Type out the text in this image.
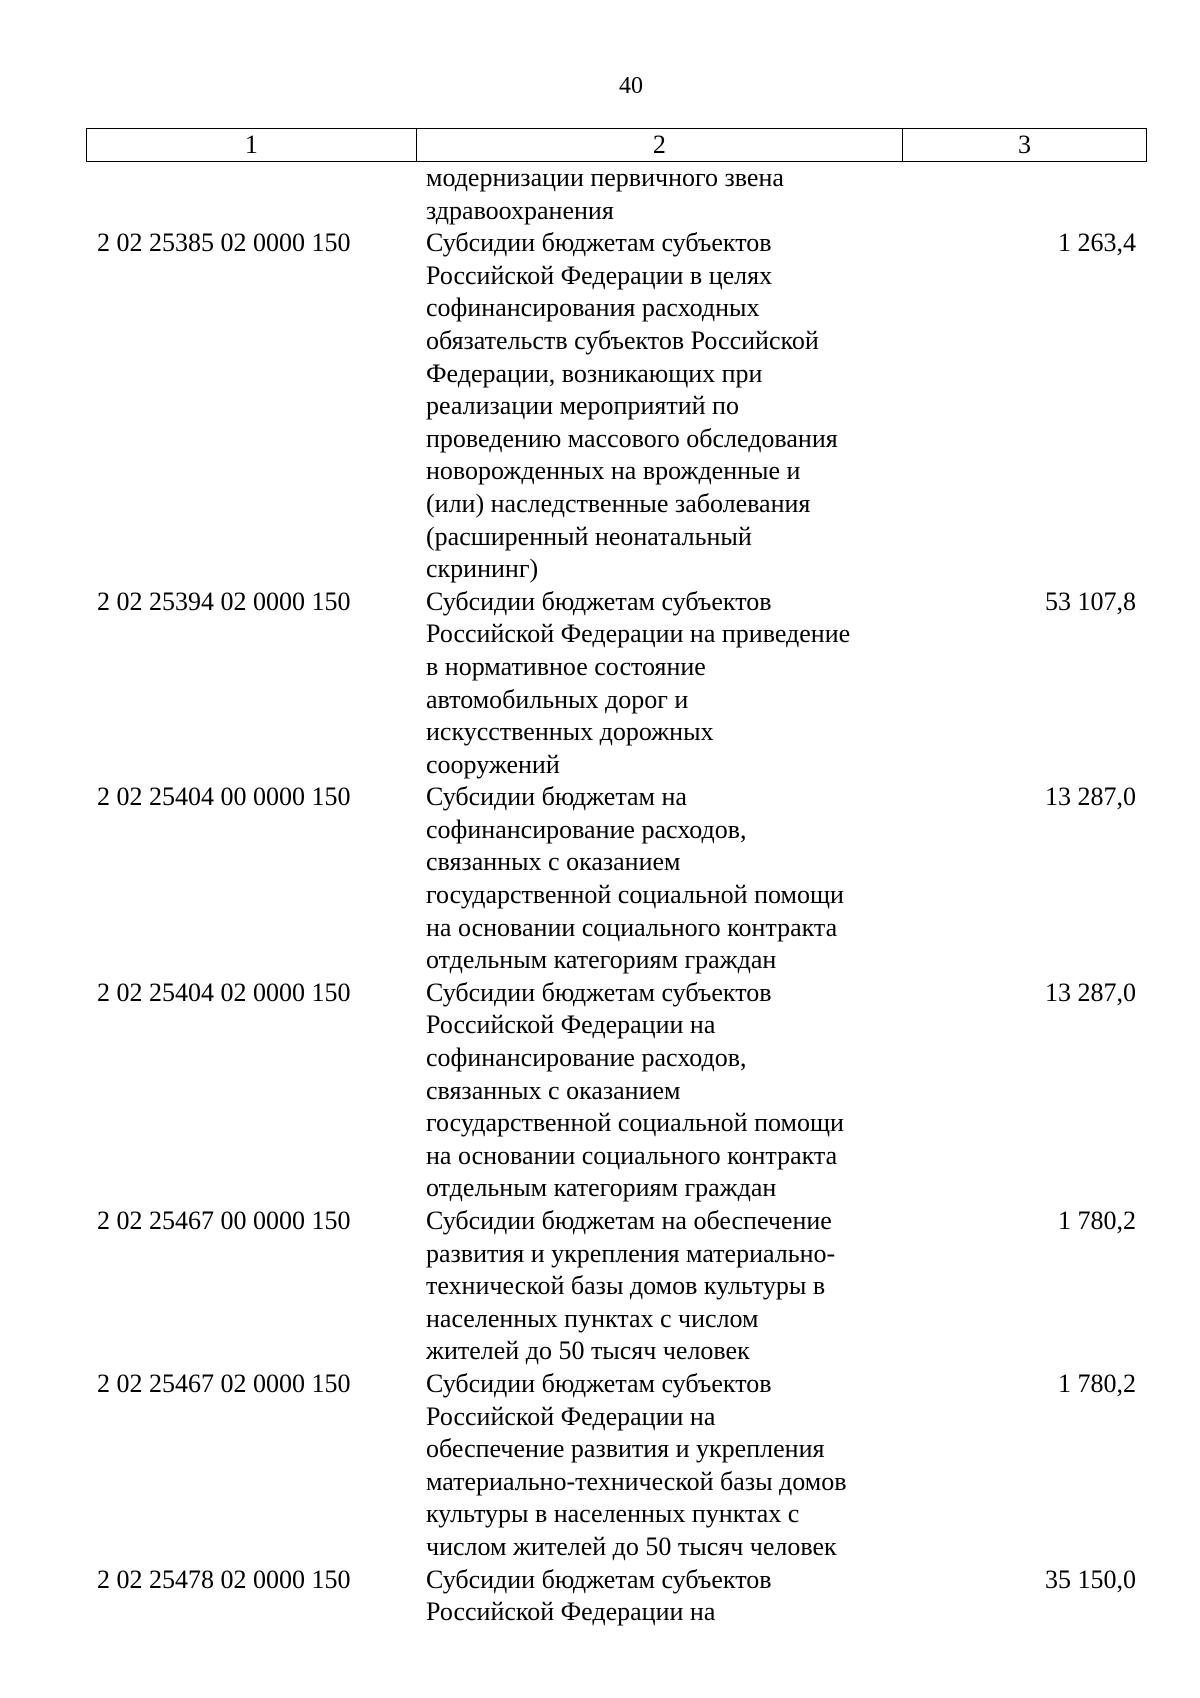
40
1	2	3
модернизации первичного звена
здравоохранения
2 02 25385 02 0000 150	Субсидии бюджетам субъектов
Российской Федерации в целях
софинансирования расходных
обязательств субъектов Российской
Федерации, возникающих при
реализации мероприятий по
проведению массового обследования
новорожденных на врожденные и
(или) наследственные заболевания
(расширенный неонатальный
скрининг)
1 263,4
2 02 25394 02 0000 150	Субсидии бюджетам субъектов
Российской Федерации на приведение
в нормативное состояние
автомобильных дорог и
искусственных дорожных
сооружений
53 107,8
2 02 25404 00 0000 150	Субсидии бюджетам на
софинансирование расходов,
связанных с оказанием
государственной социальной помощи
на основании социального контракта
отдельным категориям граждан
13 287,0
2 02 25404 02 0000 150	Субсидии бюджетам субъектов
Российской Федерации на
софинансирование расходов,
связанных с оказанием
государственной социальной помощи
на основании социального контракта
отдельным категориям граждан
13 287,0
2 02 25467 00 0000 150	Субсидии бюджетам на обеспечение
развития и укрепления материально-
технической базы домов культуры в
населенных пунктах с числом
жителей до 50 тысяч человек
1 780,2
2 02 25467 02 0000 150	Субсидии бюджетам субъектов
Российской Федерации на
обеспечение развития и укрепления
материально-технической базы домов
культуры в населенных пунктах с
числом жителей до 50 тысяч человек
1 780,2
2 02 25478 02 0000 150	Субсидии бюджетам субъектов
Российской Федерации на
35 150,0
